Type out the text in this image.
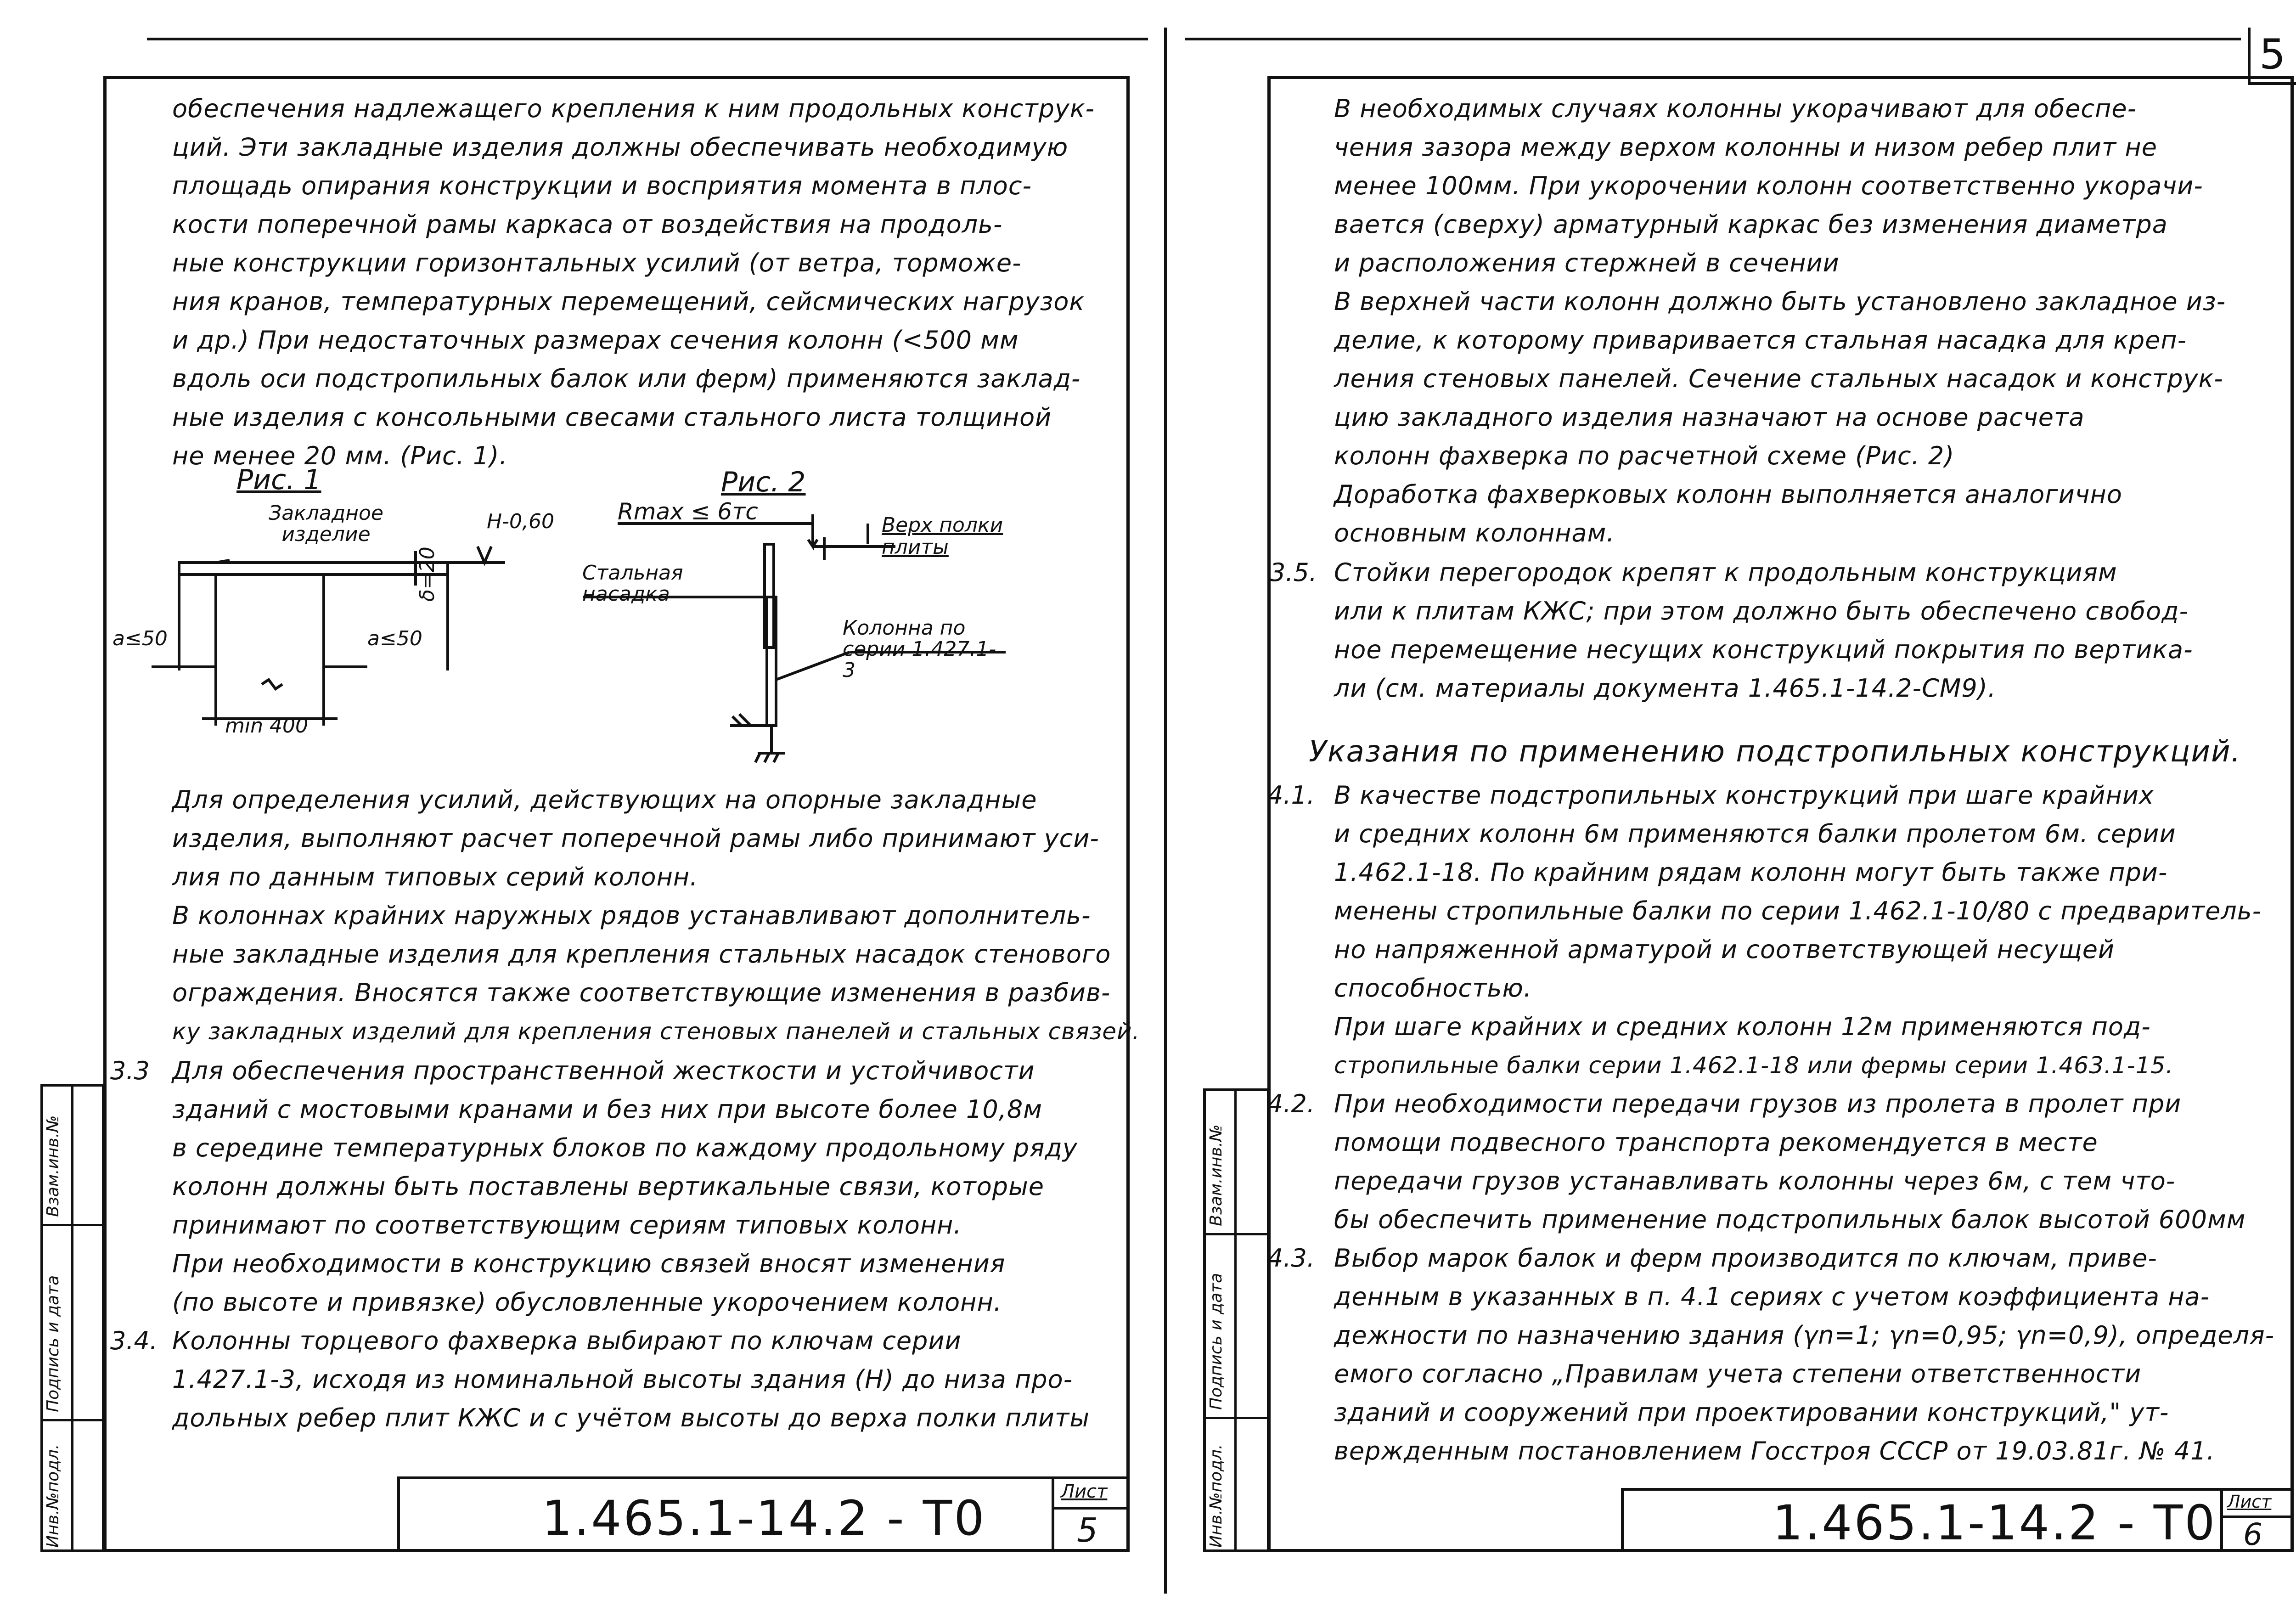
5
Инв.№подл.
Подпись и дата
Взам.инв.№
обеспечения надлежащего крепления к ним продольных конструк-
ций. Эти закладные изделия должны обеспечивать необходимую
площадь опирания конструкции и восприятия момента в плос-
кости поперечной рамы каркаса от воздействия на продоль-
ные конструкции горизонтальных усилий (от ветра, торможе-
ния кранов, температурных перемещений, сейсмических нагрузок
и др.) При недостаточных размерах сечения колонн (<500 мм
вдоль оси подстропильных балок или ферм) применяются заклад-
ные изделия с консольными свесами стального листа толщиной
не менее 20 мм. (Рис. 1).
Рис. 1
Закладное изделие
Н-0,60
δ=20
a≤50	a≤50
min 400
Рис. 2
Rmax ≤ 6тс
Верх полки плиты
Стальная насадка
Колонна по серии 1.427.1-3
Для определения усилий, действующих на опорные закладные
изделия, выполняют расчет поперечной рамы либо принимают уси-
лия по данным типовых серий колонн.
В колоннах крайних наружных рядов устанавливают дополнитель-
ные закладные изделия для крепления стальных насадок стенового
ограждения. Вносятся также соответствующие изменения в разбив-
ку закладных изделий для крепления стеновых панелей и стальных связей.
3.3 Для обеспечения пространственной жесткости и устойчивости
зданий с мостовыми кранами и без них при высоте более 10,8м
в середине температурных блоков по каждому продольному ряду
колонн должны быть поставлены вертикальные связи, которые
принимают по соответствующим сериям типовых колонн.
При необходимости в конструкцию связей вносят изменения
(по высоте и привязке) обусловленные укорочением колонн.
3.4. Колонны торцевого фахверка выбирают по ключам серии
1.427.1-3, исходя из номинальной высоты здания (Н) до низа про-
дольных ребер плит КЖС и с учётом высоты до верха полки плиты
1.465.1-14.2 - Т0	Лист
5	Инв.№подл.
Подпись и дата
Взам.инв.№
В необходимых случаях колонны укорачивают для обеспе-
чения зазора между верхом колонны и низом ребер плит не
менее 100мм. При укорочении колонн соответственно укорачи-
вается (сверху) арматурный каркас без изменения диаметра
и расположения стержней в сечении
В верхней части колонн должно быть установлено закладное из-
делие, к которому приваривается стальная насадка для креп-
ления стеновых панелей. Сечение стальных насадок и конструк-
цию закладного изделия назначают на основе расчета
колонн фахверка по расчетной схеме (Рис. 2)
Доработка фахверковых колонн выполняется аналогично
основным колоннам.
3.5. Стойки перегородок крепят к продольным конструкциям
или к плитам КЖС; при этом должно быть обеспечено свобод-
ное перемещение несущих конструкций покрытия по вертика-
ли (см. материалы документа 1.465.1-14.2-СМ9).
Указания по применению подстропильных конструкций.
4.1. В качестве подстропильных конструкций при шаге крайних
и средних колонн 6м применяются балки пролетом 6м. серии
1.462.1-18. По крайним рядам колонн могут быть также при-
менены стропильные балки по серии 1.462.1-10/80 с предваритель-
но напряженной арматурой и соответствующей несущей
способностью.
При шаге крайних и средних колонн 12м применяются под-
стропильные балки серии 1.462.1-18 или фермы серии 1.463.1-15.
4.2. При необходимости передачи грузов из пролета в пролет при
помощи подвесного транспорта рекомендуется в месте
передачи грузов устанавливать колонны через 6м, с тем что-
бы обеспечить применение подстропильных балок высотой 600мм
4.3. Выбор марок балок и ферм производится по ключам, приве-
денным в указанных в п. 4.1 сериях с учетом коэффициента на-
дежности по назначению здания (γn=1; γn=0,95; γn=0,9), определя-
емого согласно „Правилам учета степени ответственности
зданий и сооружений при проектировании конструкций," ут-
вержденным постановлением Госстроя СССР от 19.03.81г. № 41.
1.465.1-14.2 - Т0 Лист
6
